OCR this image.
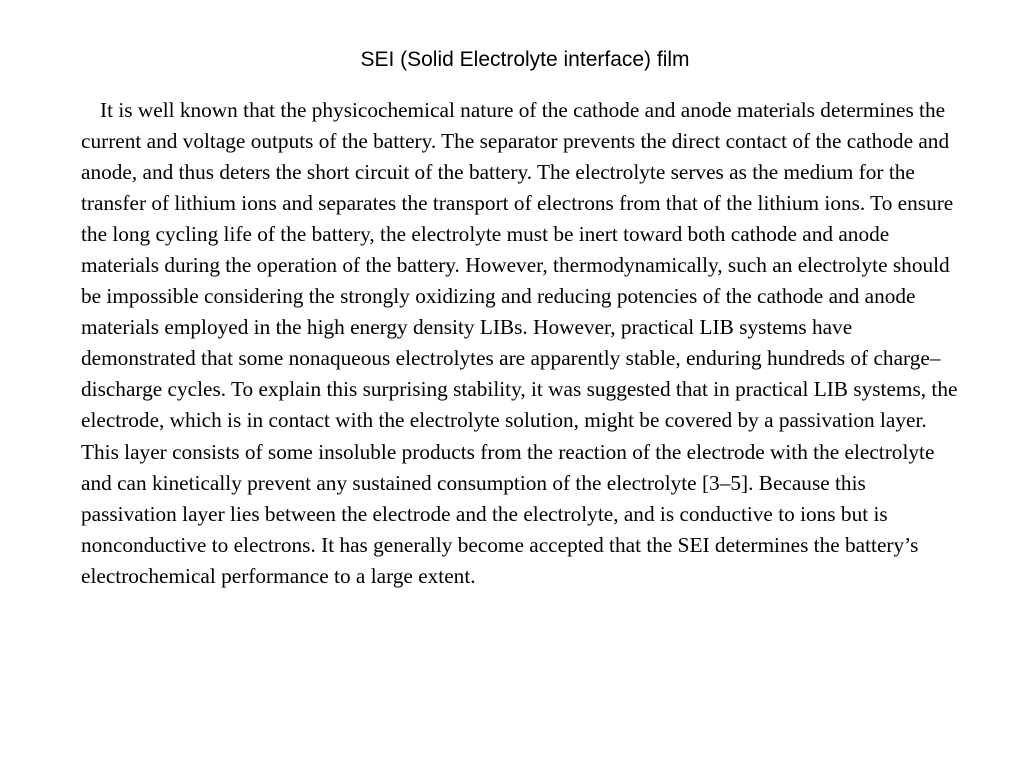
SEI (Solid Electrolyte interface) film

It is well known that the physicochemical nature of the cathode and anode materials determines the current and voltage outputs of the battery. The separator prevents the direct contact of the cathode and anode, and thus deters the short circuit of the battery. The electrolyte serves as the medium for the transfer of lithium ions and separates the transport of electrons from that of the lithium ions. To ensure the long cycling life of the battery, the electrolyte must be inert toward both cathode and anode materials during the operation of the battery. However, thermodynamically, such an electrolyte should be impossible considering the strongly oxidizing and reducing potencies of the cathode and anode materials employed in the high energy density LIBs. However, practical LIB systems have demonstrated that some nonaqueous electrolytes are apparently stable, enduring hundreds of charge–discharge cycles. To explain this surprising stability, it was suggested that in practical LIB systems, the electrode, which is in contact with the electrolyte solution, might be covered by a passivation layer. This layer consists of some insoluble products from the reaction of the electrode with the electrolyte and can kinetically prevent any sustained consumption of the electrolyte [3–5]. Because this passivation layer lies between the electrode and the electrolyte, and is conductive to ions but is nonconductive to electrons. It has generally become accepted that the SEI determines the battery’s electrochemical performance to a large extent.
